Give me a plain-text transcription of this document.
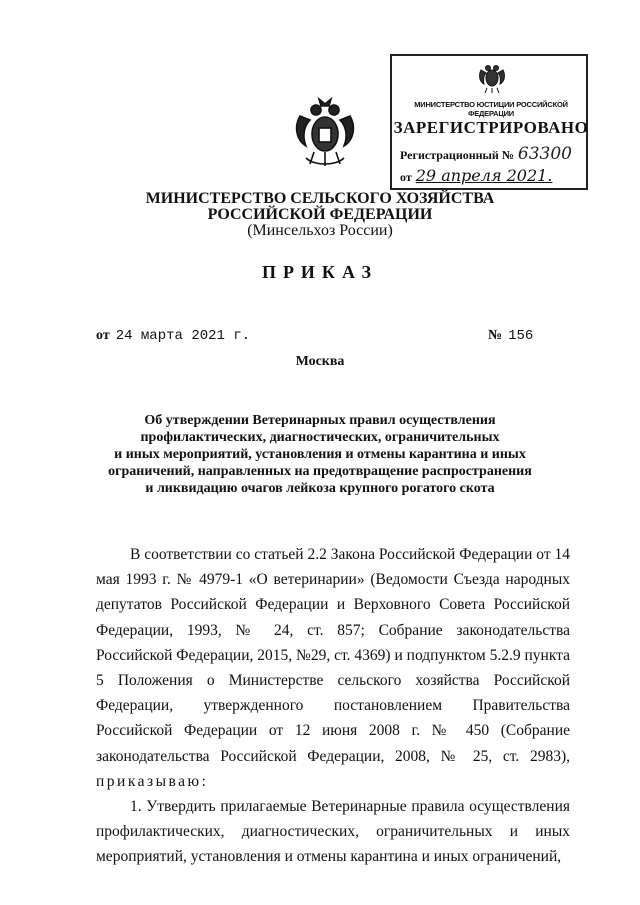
МИНИСТЕРСТВО ЮСТИЦИИ РОССИЙСКОЙ ФЕДЕРАЦИИ
ЗАРЕГИСТРИРОВАНО
Регистрационный № 63300
от 29 апреля 2021.
МИНИСТЕРСТВО СЕЛЬСКОГО ХОЗЯЙСТВА
РОССИЙСКОЙ ФЕДЕРАЦИИ
(Минсельхоз России)
ПРИКАЗ
от 24 марта 2021 г.	№ 156
Москва
Об утверждении Ветеринарных правил осуществления
профилактических, диагностических, ограничительных
и иных мероприятий, установления и отмены карантина и иных
ограничений, направленных на предотвращение распространения
и ликвидацию очагов лейкоза крупного рогатого скота

В соответствии со статьей 2.2 Закона Российской Федерации от 14 мая 1993 г. № 4979-1 «О ветеринарии» (Ведомости Съезда народных депутатов Российской Федерации и Верховного Совета Российской Федерации, 1993, № 24, ст. 857; Собрание законодательства Российской Федерации, 2015, №29, ст. 4369) и подпунктом 5.2.9 пункта 5 Положения о Министерстве сельского хозяйства Российской Федерации, утвержденного постановлением Правительства Российской Федерации от 12 июня 2008 г. № 450 (Собрание законодательства Российской Федерации, 2008, № 25, ст. 2983), приказываю:

1. Утвердить прилагаемые Ветеринарные правила осуществления профилактических, диагностических, ограничительных и иных мероприятий, установления и отмены карантина и иных ограничений,
